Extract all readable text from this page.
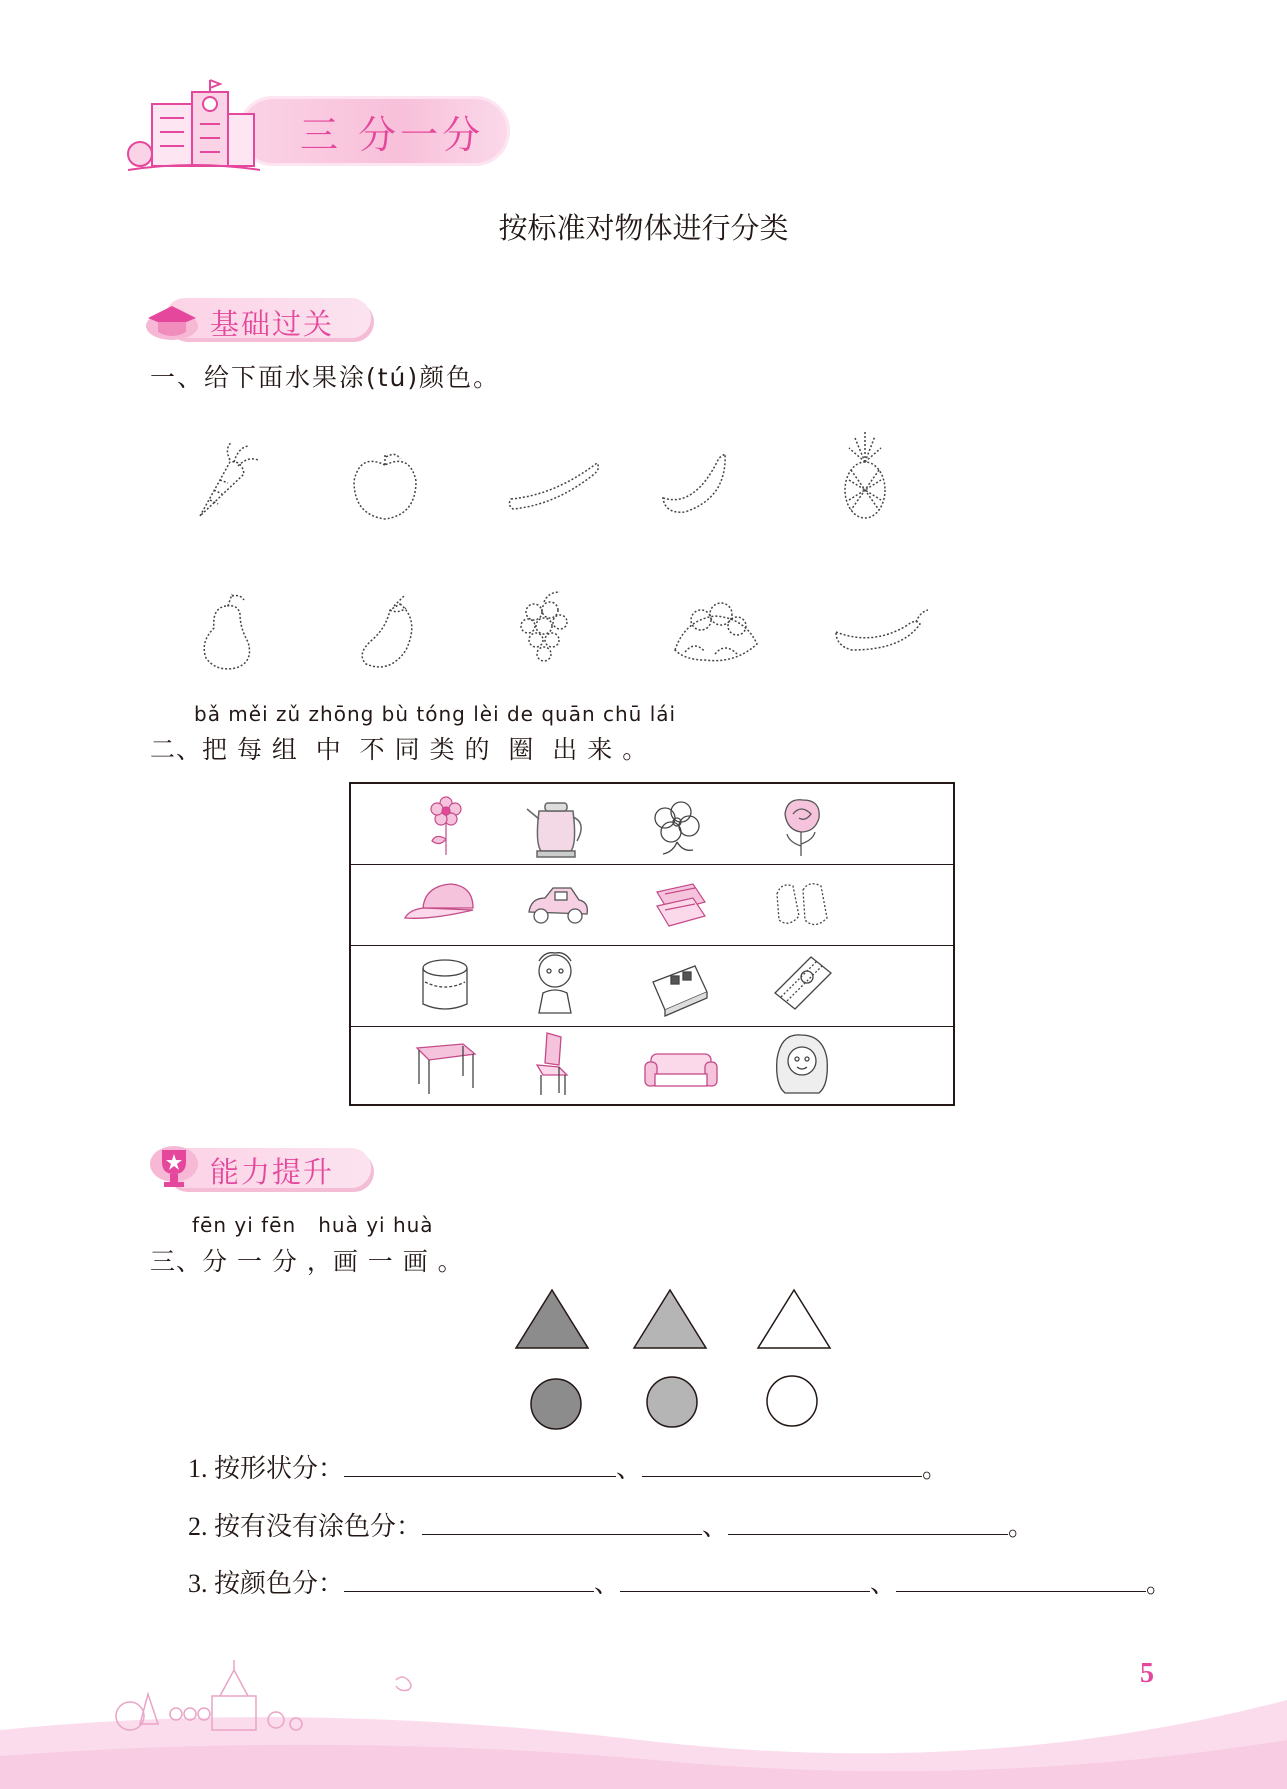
三 分一分
按标准对物体进行分类
基础过关
一、给下面水果涂(tú)颜色。
bǎ měi zǔ zhōng bù tóng lèi de quān chū lái
二、把 每 组  中  不 同 类 的  圈  出 来 。
能力提升
fēn yi fēn   huà yi huà
三、分 一 分 ，画 一 画 。
1. 按形状分：	、	。
2. 按有没有涂色分：	、	。
3. 按颜色分：	、	、	。
5
